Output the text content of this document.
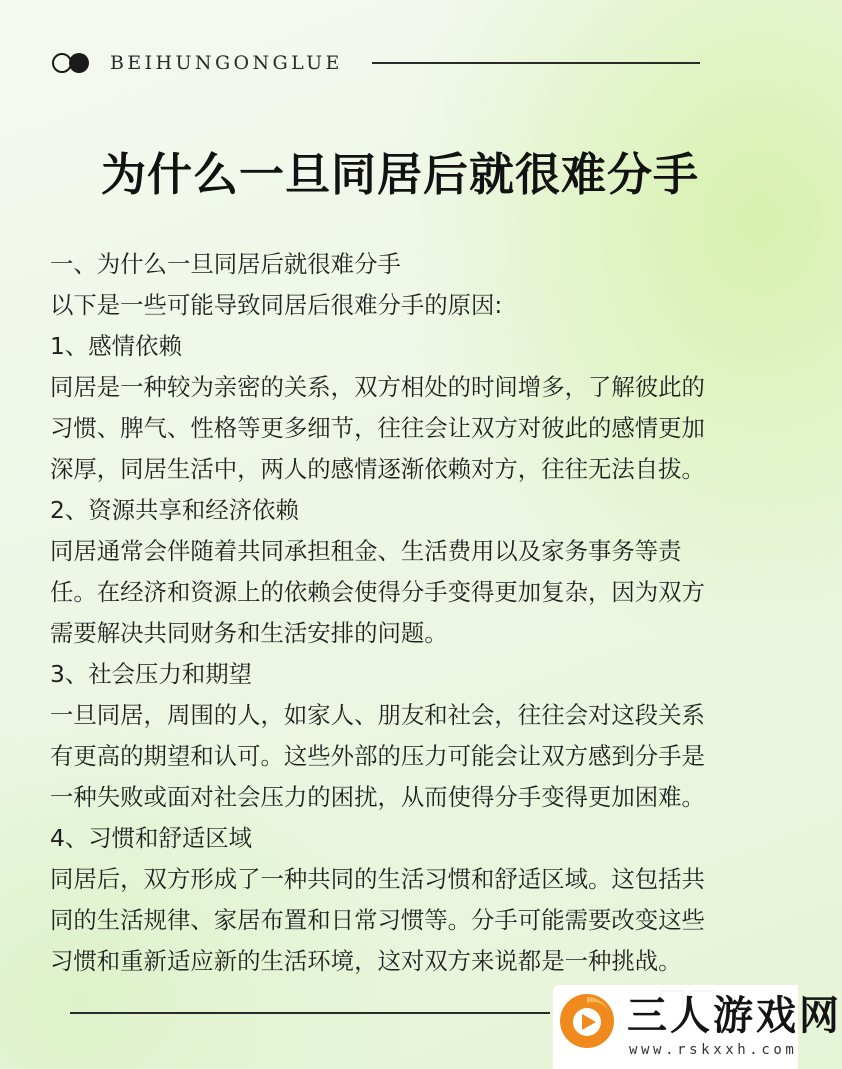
BEIHUNGONGLUE
为什么一旦同居后就很难分手
一、为什么一旦同居后就很难分手
以下是一些可能导致同居后很难分手的原因:
1、感情依赖
同居是一种较为亲密的关系，双方相处的时间增多，了解彼此的
习惯、脾气、性格等更多细节，往往会让双方对彼此的感情更加
深厚，同居生活中，两人的感情逐渐依赖对方，往往无法自拔。
2、资源共享和经济依赖
同居通常会伴随着共同承担租金、生活费用以及家务事务等责
任。在经济和资源上的依赖会使得分手变得更加复杂，因为双方
需要解决共同财务和生活安排的问题。
3、社会压力和期望
一旦同居，周围的人，如家人、朋友和社会，往往会对这段关系
有更高的期望和认可。这些外部的压力可能会让双方感到分手是
一种失败或面对社会压力的困扰，从而使得分手变得更加困难。
4、习惯和舒适区域
同居后，双方形成了一种共同的生活习惯和舒适区域。这包括共
同的生活规律、家居布置和日常习惯等。分手可能需要改变这些
习惯和重新适应新的生活环境，这对双方来说都是一种挑战。
三人游戏网
www.rskxxh.com
